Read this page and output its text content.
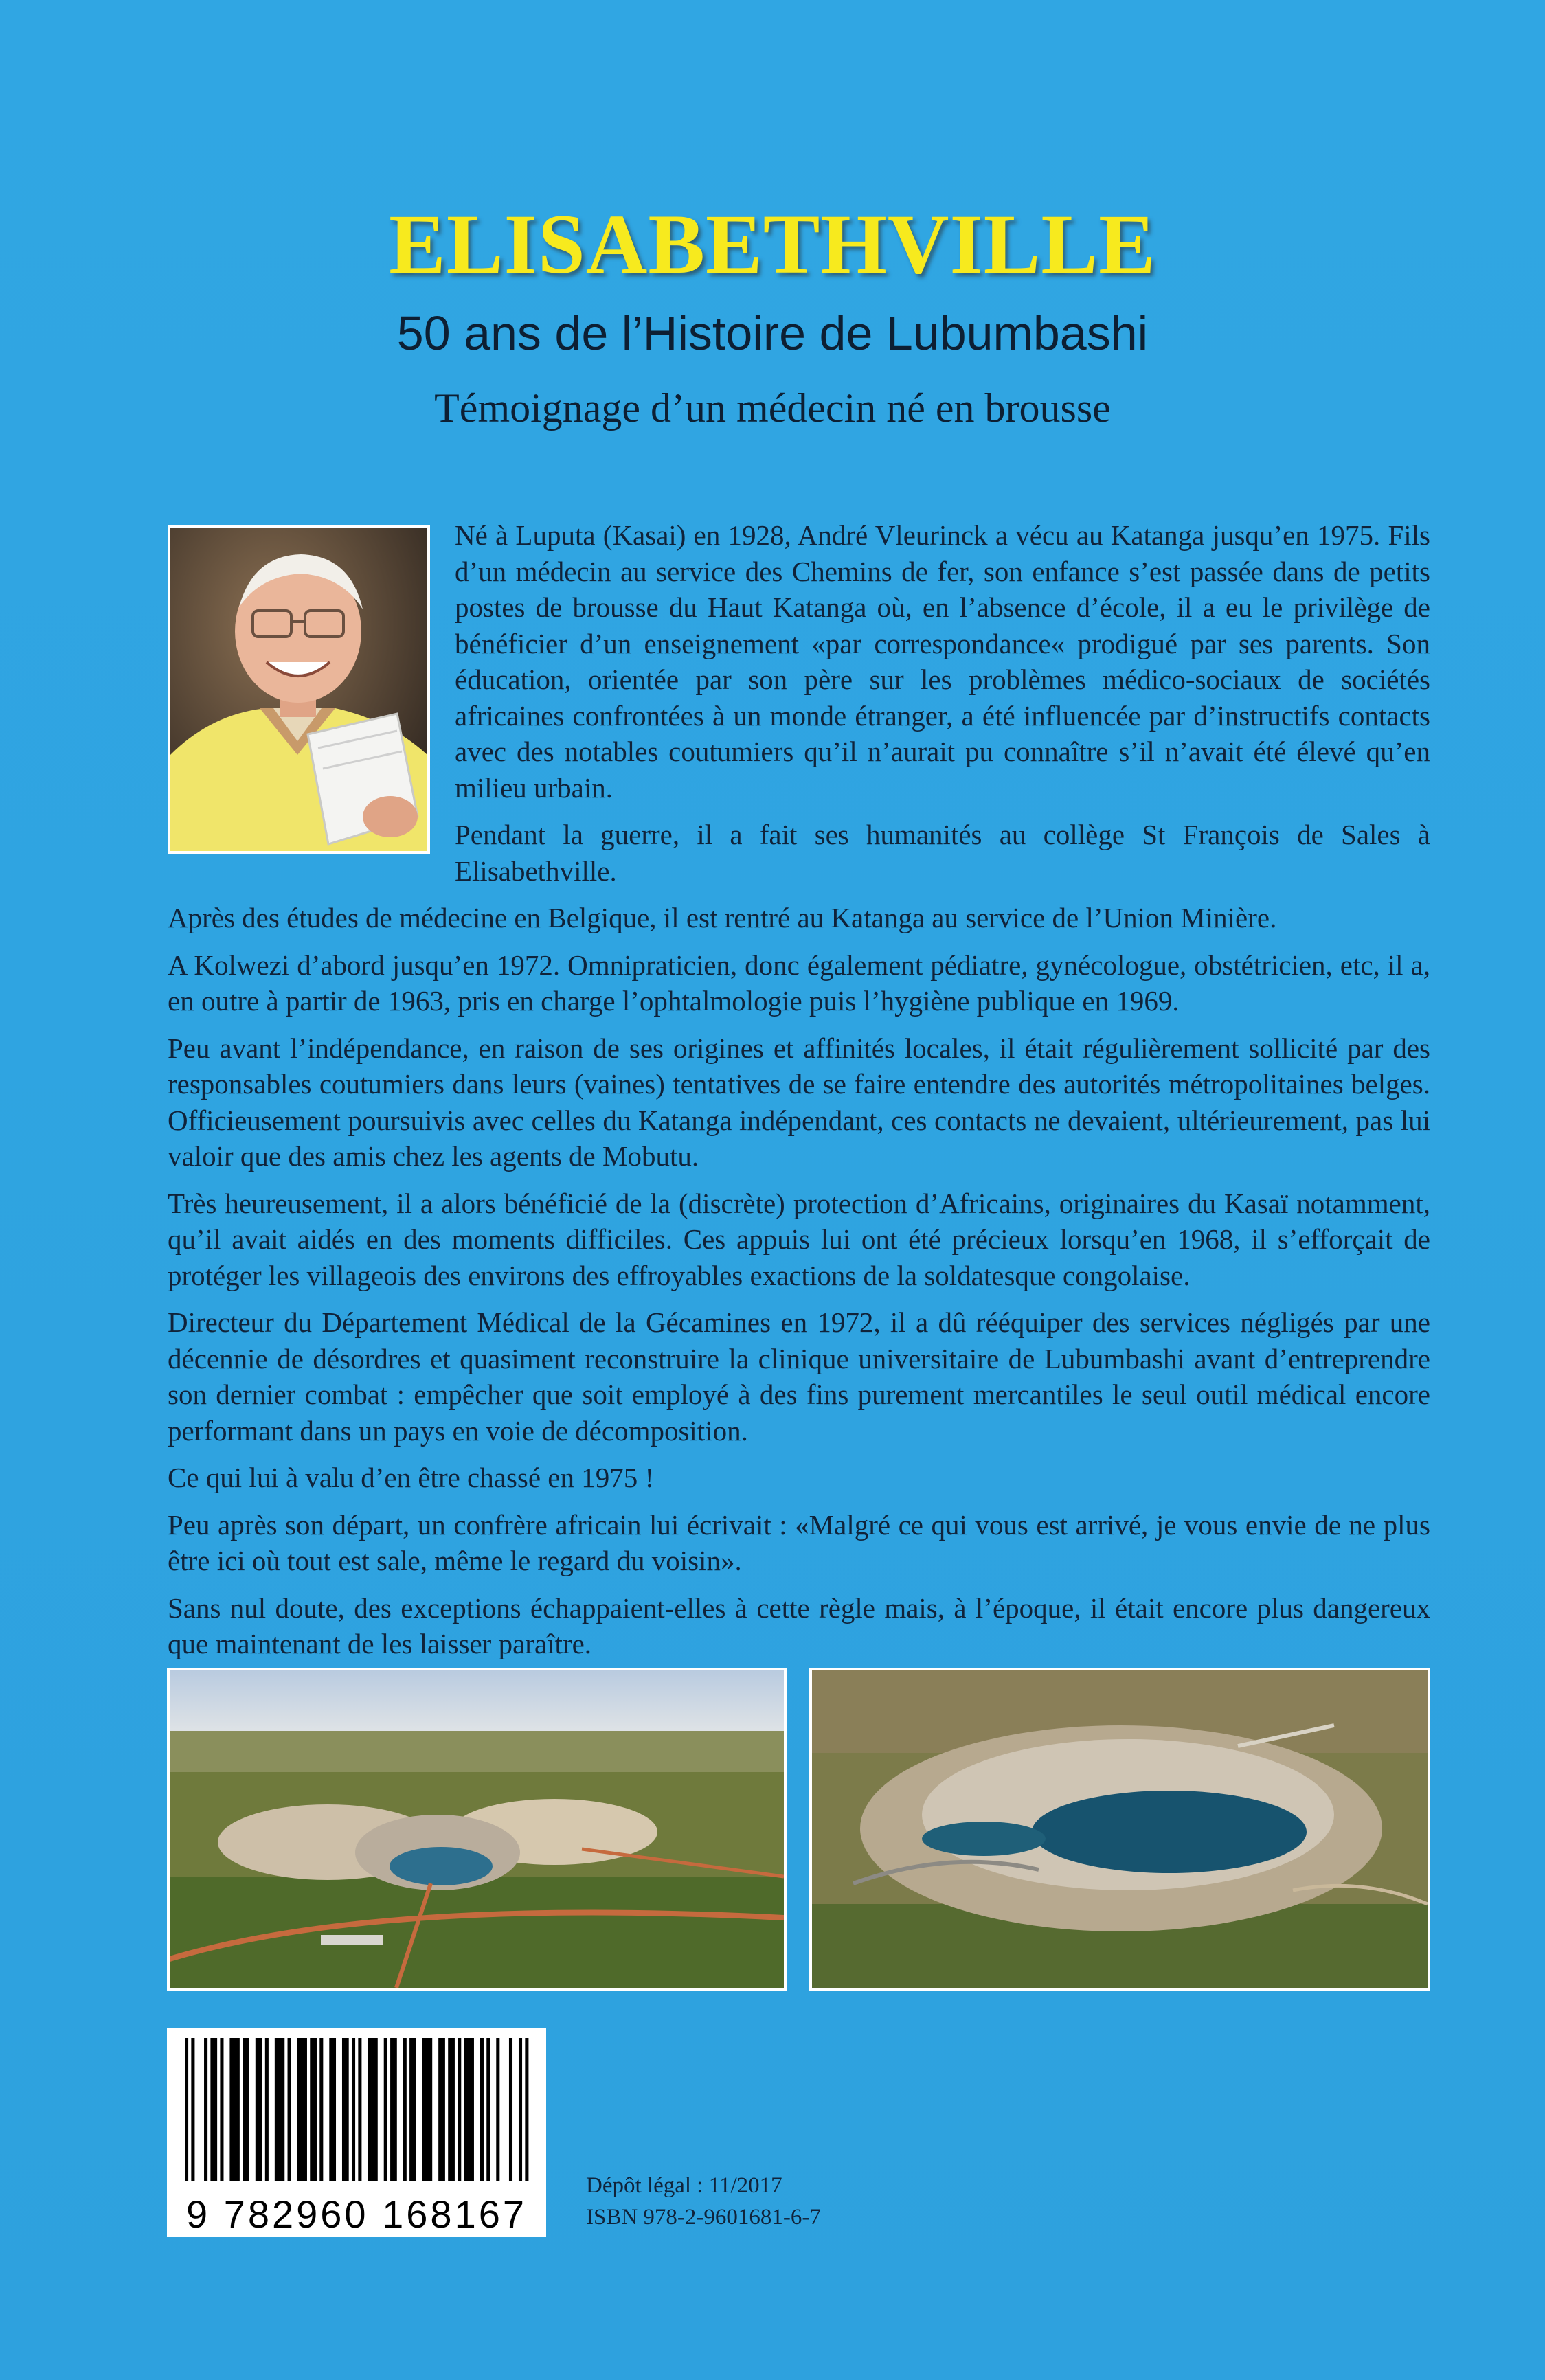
ELISABETHVILLE
50 ans de l’Histoire de Lubumbashi
Témoignage d’un médecin né en brousse

Né à Luputa (Kasai) en 1928, André Vleurinck a vécu au Katanga jusqu’en 1975. Fils d’un médecin au service des Chemins de fer, son enfance s’est passée dans de petits postes de brousse du Haut Katanga où, en l’absence d’école, il a eu le privilège de bénéficier d’un enseignement «par correspondance« prodigué par ses parents. Son éducation, orientée par son père sur les problèmes médico-sociaux de sociétés africaines confrontées à un monde étranger, a été influencée par d’instructifs contacts avec des notables coutumiers qu’il n’aurait pu connaître s’il n’avait été élevé qu’en milieu urbain.

Pendant la guerre, il a fait ses humanités au collège St François de Sales à Elisabethville.

Après des études de médecine en Belgique, il est rentré au Katanga au service de l’Union Minière.

A Kolwezi d’abord jusqu’en 1972. Omnipraticien, donc également pédiatre, gynécologue, obstétricien, etc, il a, en outre à partir de 1963, pris en charge l’ophtalmologie puis l’hygiène publique en 1969.

Peu avant l’indépendance, en raison de ses origines et affinités locales, il était régulièrement sollicité par des responsables coutumiers dans leurs (vaines) tentatives de se faire entendre des autorités métropolitaines belges. Officieusement poursuivis avec celles du Katanga indépendant, ces contacts ne devaient, ultérieurement, pas lui valoir que des amis chez les agents de Mobutu.

Très heureusement, il a alors bénéficié de la (discrète) protection d’Africains, originaires du Kasaï notamment, qu’il avait aidés en des moments difficiles. Ces appuis lui ont été précieux lorsqu’en 1968, il s’efforçait de protéger les villageois des environs des effroyables exactions de la soldatesque congolaise.

Directeur du Département Médical de la Gécamines en 1972, il a dû rééquiper des services négligés par une décennie de désordres et quasiment reconstruire la clinique universitaire de Lubumbashi avant d’entreprendre son dernier combat : empêcher que soit employé à des fins purement mercantiles le seul outil médical encore performant dans un pays en voie de décomposition.

Ce qui lui à valu d’en être chassé en 1975 !

Peu après son départ, un confrère africain lui écrivait : «Malgré ce qui vous est arrivé, je vous envie de ne plus être ici où tout est sale, même le regard du voisin».

Sans nul doute, des exceptions échappaient-elles à cette règle mais, à l’époque, il était encore plus dangereux que maintenant de les laisser paraître.

9 782960 168167
Dépôt légal : 11/2017
ISBN 978-2-9601681-6-7
